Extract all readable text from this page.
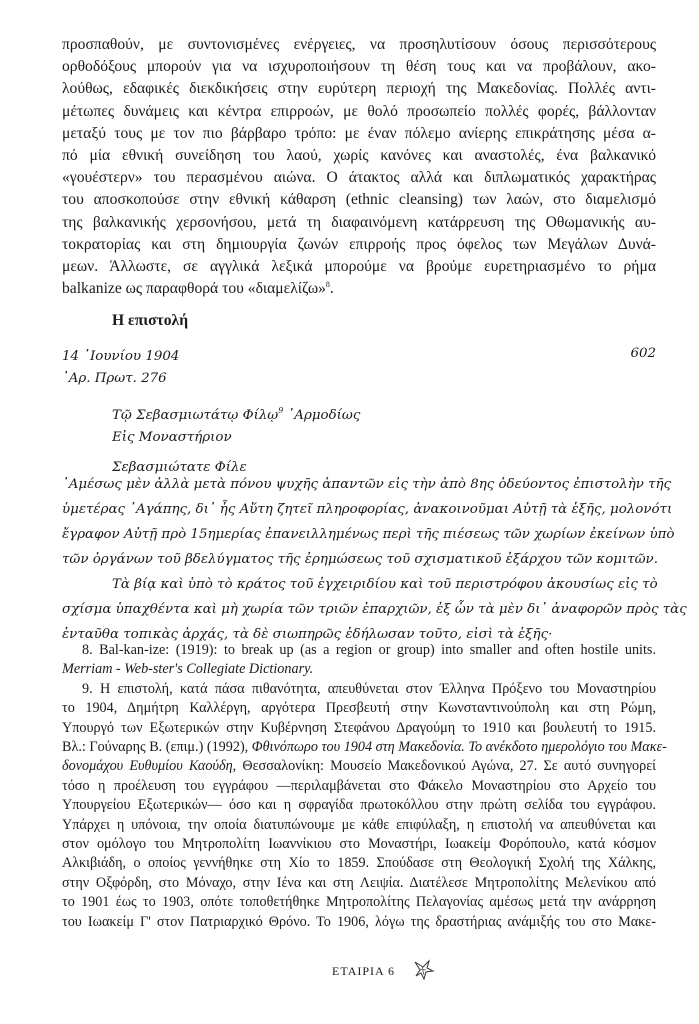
προσπαθούν, με συντονισμένες ενέργειες, να προσηλυτίσουν όσους περισσότερους
ορθοδόξους μπορούν για να ισχυροποιήσουν τη θέση τους και να προβάλουν, ακο-
λούθως, εδαφικές διεκδικήσεις στην ευρύτερη περιοχή της Μακεδονίας. Πολλές αντι-
μέτωπες δυνάμεις και κέντρα επιρροών, με θολό προσωπείο πολλές φορές, βάλλονταν
μεταξύ τους με τον πιο βάρβαρο τρόπο: με έναν πόλεμο ανίερης επικράτησης μέσα α-
πό μία εθνική συνείδηση του λαού, χωρίς κανόνες και αναστολές, ένα βαλκανικό
«γουέστερν» του περασμένου αιώνα. Ο άτακτος αλλά και διπλωματικός χαρακτήρας
του αποσκοπούσε στην εθνική κάθαρση (ethnic cleansing) των λαών, στο διαμελισμό
της βαλκανικής χερσονήσου, μετά τη διαφαινόμενη κατάρρευση της Οθωμανικής αυ-
τοκρατορίας και στη δημιουργία ζωνών επιρροής προς όφελος των Μεγάλων Δυνά-
μεων. Άλλωστε, σε αγγλικά λεξικά μπορούμε να βρούμε ευρετηριασμένο το ρήμα
balkanize ως παραφθορά του «διαμελίζω»$^8$.
Η επιστολή
14 ᾿Ιουνίου 1904
᾿Αρ. Πρωτ. 276
602
Τῷ Σεβασμιωτάτῳ Φίλῳ$^9$ ῾Αρμοδίως
Εἰς Μοναστήριον
Σεβασμιώτατε Φίλε
᾿Αμέσως μὲν ἀλλὰ μετὰ πόνου ψυχῆς ἁπαντῶν εἰς τὴν ἀπὸ 8ης ὁδεύοντος ἐπιστολὴν τῆς
ὑμετέρας ᾿Αγάπης, δι᾿ ἧς Αὕτη ζητεῖ πληροφορίας, ἀνακοινοῦμαι Αὐτῇ τὰ ἑξῆς, μολονότι
ἔγραφον Αὐτῇ πρὸ 15ημερίας ἐπανειλλημένως περὶ τῆς πιέσεως τῶν χωρίων ἐκείνων ὑπὸ
τῶν ὀργάνων τοῦ βδελύγματος τῆς ἐρημώσεως τοῦ σχισματικοῦ ἐξάρχου τῶν κομιτῶν.
Τὰ βίᾳ καὶ ὑπὸ τὸ κράτος τοῦ ἐγχειριδίου καὶ τοῦ περιστρόφου ἀκουσίως εἰς τὸ
σχίσμα ὑπαχθέντα καὶ μὴ χωρία τῶν τριῶν ἐπαρχιῶν, ἐξ ὧν τὰ μὲν δι᾿ ἀναφορῶν πρὸς τὰς
ἐνταῦθα τοπικὰς ἀρχάς, τὰ δὲ σιωπηρῶς ἐδήλωσαν τοῦτο, εἰσὶ τὰ ἑξῆς·
8. Bal-kan-ize: (1919): to break up (as a region or group) into smaller and often hostile units.
Merriam - Web-ster's Collegiate Dictionary.
9. Η επιστολή, κατά πάσα πιθανότητα, απευθύνεται στον Έλληνα Πρόξενο του Μοναστηρίου
το 1904, Δημήτρη Καλλέργη, αργότερα Πρεσβευτή στην Κωνσταντινούπολη και στη Ρώμη,
Υπουργό των Εξωτερικών στην Κυβέρνηση Στεφάνου Δραγούμη το 1910 και βουλευτή το 1915.
Βλ.: Γούναρης Β. (επιμ.) (1992), Φθινόπωρο του 1904 στη Μακεδονία. Το ανέκδοτο ημερολόγιο του Μακε-
δονομάχου Ευθυμίου Καούδη, Θεσσαλονίκη: Μουσείο Μακεδονικού Αγώνα, 27. Σε αυτό συνηγορεί
τόσο η προέλευση του εγγράφου —περιλαμβάνεται στο Φάκελο Μοναστηρίου στο Αρχείο του
Υπουργείου Εξωτερικών— όσο και η σφραγίδα πρωτοκόλλου στην πρώτη σελίδα του εγγράφου.
Υπάρχει η υπόνοια, την οποία διατυπώνουμε με κάθε επιφύλαξη, η επιστολή να απευθύνεται και
στον ομόλογο του Μητροπολίτη Ιωαννίκιου στο Μοναστήρι, Ιωακείμ Φορόπουλο, κατά κόσμον
Αλκιβιάδη, ο οποίος γεννήθηκε στη Χίο το 1859. Σπούδασε στη Θεολογική Σχολή της Χάλκης,
στην Οξφόρδη, στο Μόναχο, στην Ιένα και στη Λειψία. Διατέλεσε Μητροπολίτης Μελενίκου από
το 1901 έως το 1903, οπότε τοποθετήθηκε Μητροπολίτης Πελαγονίας αμέσως μετά την ανάρρηση
του Ιωακείμ Γ' στον Πατριαρχικό Θρόνο. Το 1906, λόγω της δραστήριας ανάμιξής του στο Μακε-
ΕΤΑΙΡΙΑ 6
